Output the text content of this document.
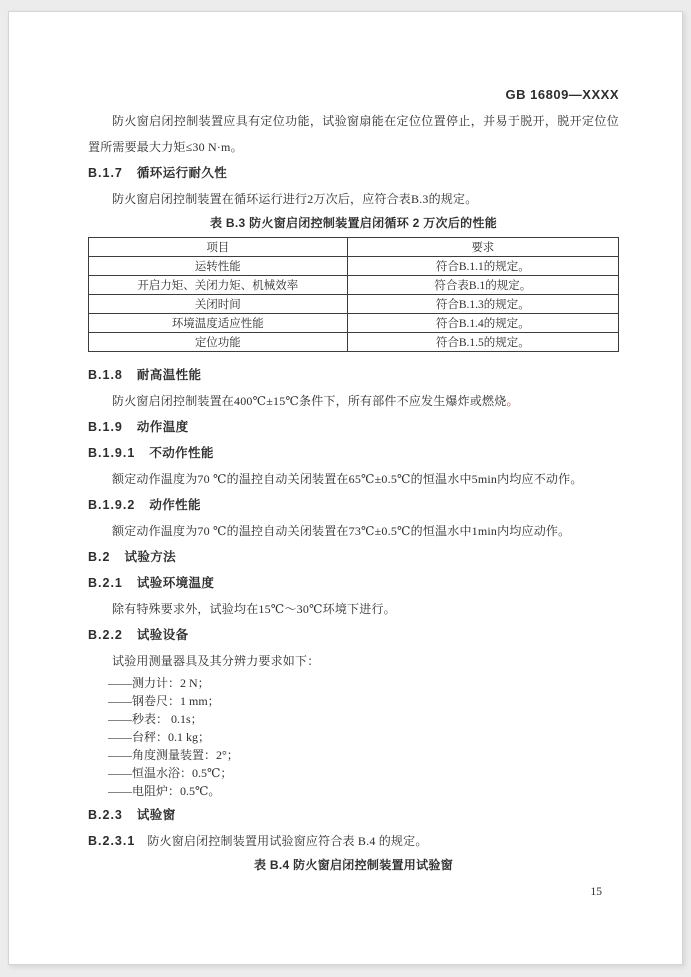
GB 16809—XXXX

防火窗启闭控制装置应具有定位功能，试验窗扇能在定位位置停止，并易于脱开，脱开定位位置所需要最大力矩≤30 N·m。

B.1.7 循环运行耐久性

防火窗启闭控制装置在循环运行进行2万次后，应符合表B.3的规定。

表 B.3 防火窗启闭控制装置启闭循环 2 万次后的性能
项目	要求
运转性能	符合B.1.1的规定。
开启力矩、关闭力矩、机械效率	符合表B.1的规定。
关闭时间	符合B.1.3的规定。
环境温度适应性能	符合B.1.4的规定。
定位功能	符合B.1.5的规定。
B.1.8 耐高温性能

防火窗启闭控制装置在400℃±15℃条件下，所有部件不应发生爆炸或燃烧。

B.1.9 动作温度
B.1.9.1 不动作性能

额定动作温度为70 ℃的温控自动关闭装置在65℃±0.5℃的恒温水中5min内均应不动作。

B.1.9.2 动作性能

额定动作温度为70 ℃的温控自动关闭装置在73℃±0.5℃的恒温水中1min内均应动作。

B.2 试验方法
B.2.1 试验环境温度

除有特殊要求外，试验均在15℃～30℃环境下进行。

B.2.2 试验设备

试验用测量器具及其分辨力要求如下：

——测力计：2 N；
——钢卷尺：1 mm；
——秒表： 0.1s；
——台秤：0.1 kg；
——角度测量装置：2°；
——恒温水浴：0.5℃；
——电阻炉：0.5℃。
B.2.3 试验窗

B.2.3.1 防火窗启闭控制装置用试验窗应符合表 B.4 的规定。

表 B.4 防火窗启闭控制装置用试验窗
15
